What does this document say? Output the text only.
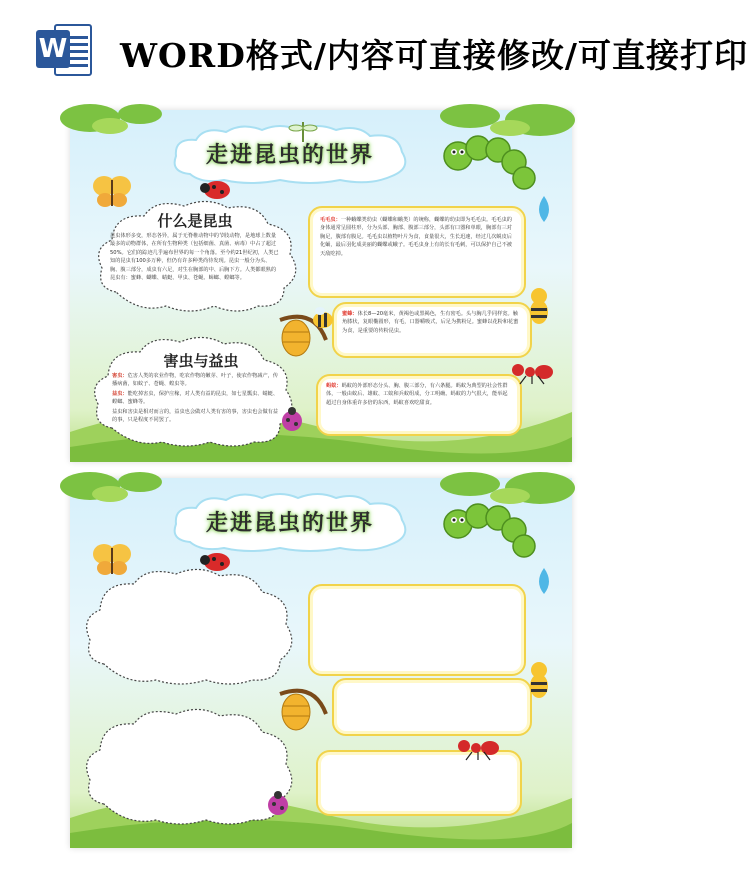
W WORD格式/内容可直接修改/可直接打印
走进昆虫的世界
什么是昆虫
昆虫体形多变，形态各异，属于无脊椎动物中的节肢动物，是地球上数量最多的动物群体，在所有生物种类（包括细菌、真菌、病毒）中占了超过50%。它们的踪迹几乎遍布世界的每一个角落。至今约21世纪初，人类已知的昆虫有100多万种，但仍有许多种类尚待发现。昆虫一般分为头、胸、腹三部分，成虫有六足，对生在胸部的中、后胸下方。人类都眼熟的昆虫有：蜜蜂、蝴蝶、蜻蜓、甲虫、苍蝇、蟑螂、螳螂等。
害虫与益虫
害虫：危害人类的农业作物，吃农作物的嫩芽、叶子，使农作物减产，传播病菌，如蚊子、苍蝇、蝗虫等。
益虫：能吃掉害虫，保护庄稼，对人类有益的昆虫，如七星瓢虫、蜻蜓、螳螂、蜜蜂等。
益虫和害虫是相对而言的，益虫也会做对人类有害的事，害虫也会做有益的事，只是程度不同罢了。
毛毛虫：一种蛾蝶类幼虫（蝴蝶和蛾类）的统称，蝴蝶的幼虫即为毛毛虫。毛毛虫的身体通常呈圆柱形，分为头部、胸部、腹部三部分，头部有口器和单眼，胸部有三对胸足，腹部有腹足。毛毛虫以植物叶片为食，食量很大，生长迅速，经过几次蜕皮后化蛹，最后羽化成美丽的蝴蝶或蛾子。毛毛虫身上有的长有毛刺，可以保护自己不被天敌吃掉。
蜜蜂：体长8—20毫米，黄褐色或黑褐色，生有密毛。头与胸几乎同样宽。触角膝状，复眼椭圆形，有毛，口器嚼吸式，后足为携粉足。蜜蜂以花粉和花蜜为食，是重要的传粉昆虫。
蚂蚁：蚂蚁的外部形态分头、胸、腹三部分，有六条腿。蚂蚁为典型的社会性群体，一般由蚁后、雄蚁、工蚁和兵蚁组成，分工明确。蚂蚁的力气很大，能举起超过自身体重许多倍的东西，蚂蚁喜欢吃甜食。
走进昆虫的世界
